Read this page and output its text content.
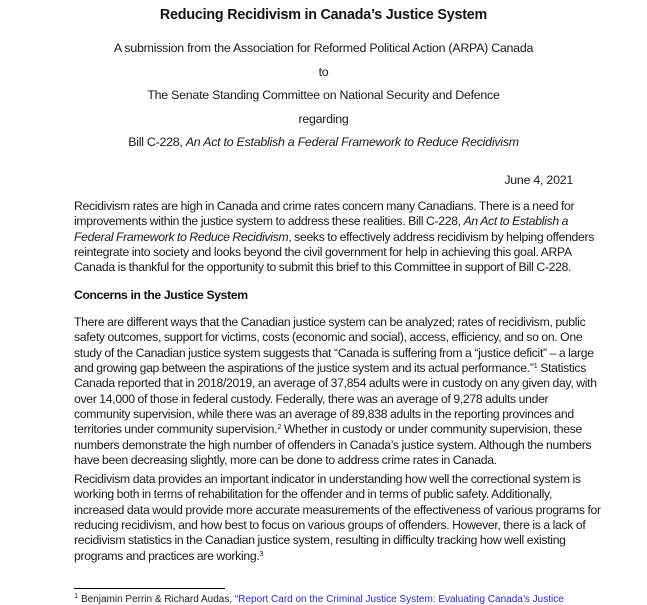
Reducing Recidivism in Canada’s Justice System
A submission from the Association for Reformed Political Action (ARPA) Canada
to
The Senate Standing Committee on National Security and Defence
regarding
Bill C-228, An Act to Establish a Federal Framework to Reduce Recidivism
June 4, 2021
Recidivism rates are high in Canada and crime rates concern many Canadians. There is a need for
improvements within the justice system to address these realities. Bill C-228, An Act to Establish a
Federal Framework to Reduce Recidivism, seeks to effectively address recidivism by helping offenders
reintegrate into society and looks beyond the civil government for help in achieving this goal. ARPA
Canada is thankful for the opportunity to submit this brief to this Committee in support of Bill C-228.
Concerns in the Justice System
There are different ways that the Canadian justice system can be analyzed; rates of recidivism, public
safety outcomes, support for victims, costs (economic and social), access, efficiency, and so on. One
study of the Canadian justice system suggests that “Canada is suffering from a “justice deficit” – a large
and growing gap between the aspirations of the justice system and its actual performance.”$^1$ Statistics
Canada reported that in 2018/2019, an average of 37,854 adults were in custody on any given day, with
over 14,000 of those in federal custody. Federally, there was an average of 9,278 adults under
community supervision, while there was an average of 89,838 adults in the reporting provinces and
territories under community supervision.$^2$ Whether in custody or under community supervision, these
numbers demonstrate the high number of offenders in Canada’s justice system. Although the numbers
have been decreasing slightly, more can be done to address crime rates in Canada.
Recidivism data provides an important indicator in understanding how well the correctional system is
working both in terms of rehabilitation for the offender and in terms of public safety. Additionally,
increased data would provide more accurate measurements of the effectiveness of various programs for
reducing recidivism, and how best to focus on various groups of offenders. However, there is a lack of
recidivism statistics in the Canadian justice system, resulting in difficulty tracking how well existing
programs and practices are working.$^3$
$^1$ Benjamin Perrin & Richard Audas, “Report Card on the Criminal Justice System: Evaluating Canada’s Justice
